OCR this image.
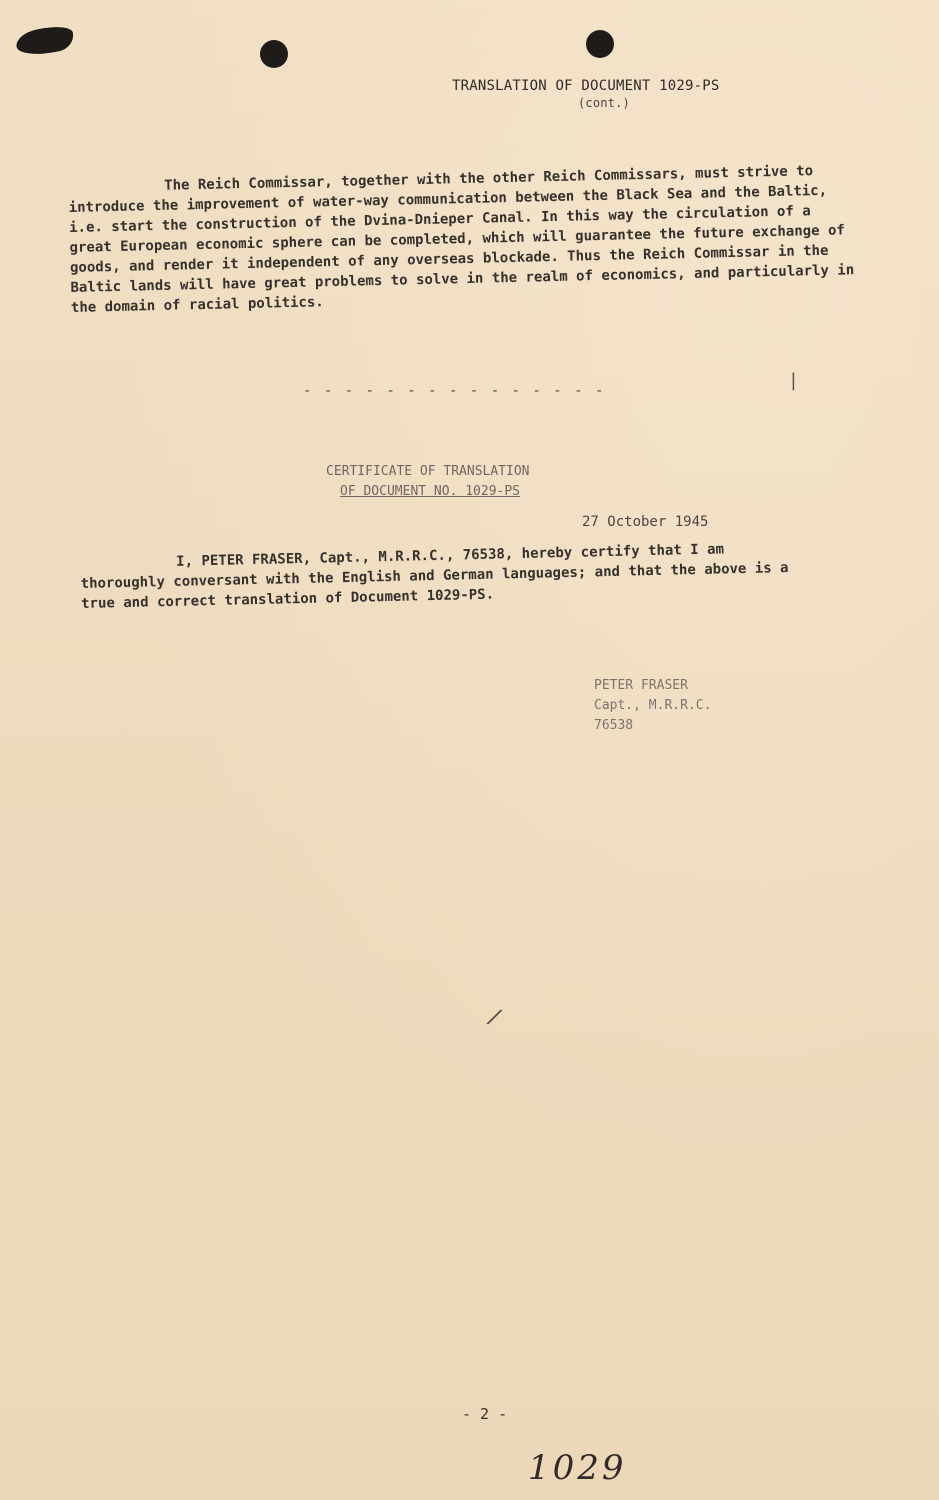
TRANSLATION OF DOCUMENT 1029-PS
(cont.)
The Reich Commissar, together with the other Reich Commissars, must strive to introduce the improvement of water-way communication between the Black Sea and the Baltic, i.e. start the construction of the Dvina-Dnieper Canal. In this way the circulation of a great European economic sphere can be completed, which will guarantee the future exchange of goods, and render it independent of any overseas blockade. Thus the Reich Commissar in the Baltic lands will have great problems to solve in the realm of economics, and particularly in the domain of racial politics.
- - - - - - - - - - - - - - -	|
CERTIFICATE OF TRANSLATION
OF DOCUMENT NO. 1029-PS
27 October 1945
I, PETER FRASER, Capt., M.R.R.C., 76538, hereby certify that I am thoroughly conversant with the English and German languages; and that the above is a true and correct translation of Document 1029-PS.
PETER FRASER
Capt., M.R.R.C.
76538
/
- 2 -
1029
